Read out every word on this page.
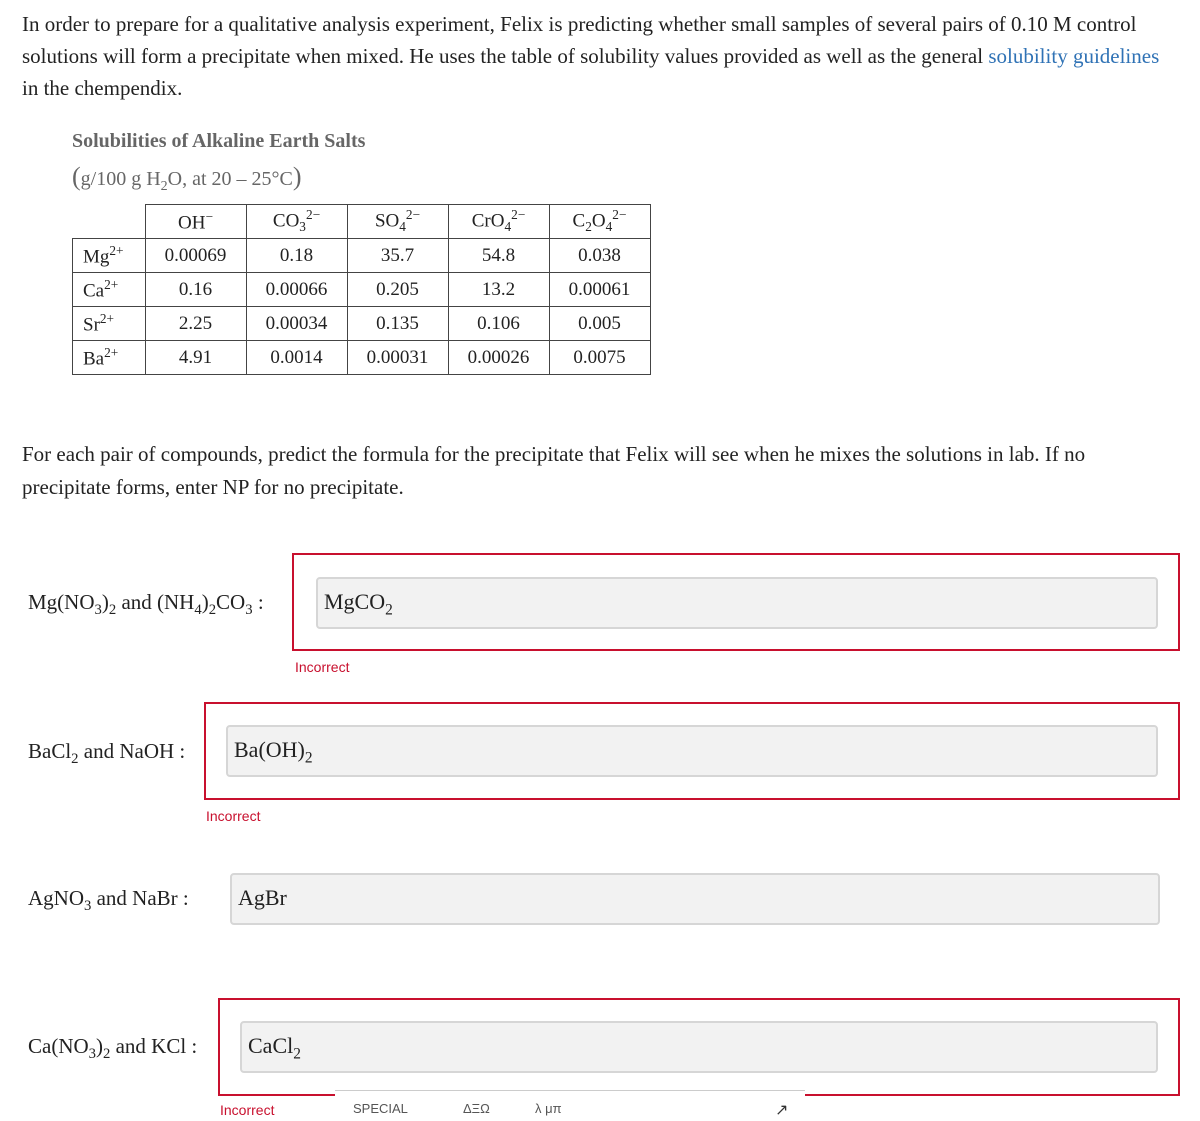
In order to prepare for a qualitative analysis experiment, Felix is predicting whether small samples of several pairs of 0.10 M control solutions will form a precipitate when mixed. He uses the table of solubility values provided as well as the general solubility guidelines in the chempendix.
Solubilities of Alkaline Earth Salts
(g/100 g $H_2O$, at 20 – 25°C)
	OH−	$CO_3^{2-}$	$SO_4^{2-}$	CrO$_4^{2-}$	$C_2O_4^{2-}$
$Mg^{2+}$	0.00069	0.18	35.7	54.8	0.038
$Ca^{2+}$	0.16	0.00066	0.205	13.2	0.00061
$Sr^{2+}$	2.25	0.00034	0.135	0.106	0.005
$Ba^{2+}$	4.91	0.0014	0.00031	0.00026	0.0075
For each pair of compounds, predict the formula for the precipitate that Felix will see when he mixes the solutions in lab. If no precipitate forms, enter NP for no precipitate.
$Mg(NO_3)_2$ and $(NH_4)_2CO_3$ :	MgCO$_2$
Incorrect
BaCl$_2$ and NaOH : $Ba(OH)_2$
Incorrect
AgNO$_3$ and NaBr : AgBr
$Ca(NO_3)_2$ and KCl : CaCl$_2$
Incorrect	SPECIAL	ΔΞΩ	λ μπ	↗
